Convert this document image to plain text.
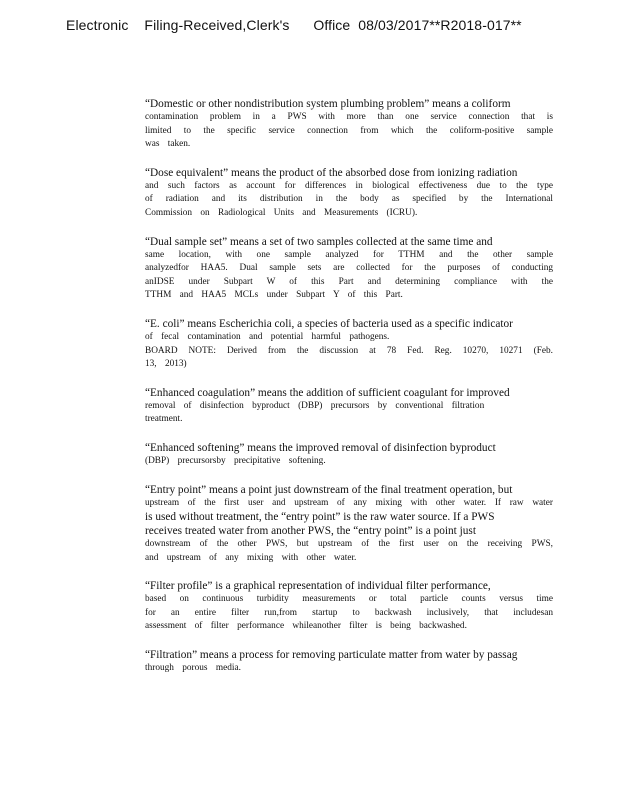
Electronic    Filing-Received,Clerk's      Office  08/03/2017**R2018-017**
“Domestic or other nondistribution system plumbing problem” means a coliform
contamination problem in a PWS with more than one service connection that is
limited to the specific service connection from which the coliform-positive sample
was taken.
“Dose equivalent” means the product of the absorbed dose from ionizing radiation
and such factors as account for differences in biological effectiveness due to the type
of radiation and its distribution in the body as specified by the International
Commission on Radiological Units and Measurements (ICRU).
“Dual sample set” means a set of two samples collected at the same time and
same location, with one sample analyzed for TTHM and the other sample
analyzedfor HAA5. Dual sample sets are collected for the purposes of conducting
anIDSE under Subpart W of this Part and determining compliance with the
TTHM and HAA5 MCLs under Subpart Y of this Part.
“E. coli” means Escherichia coli, a species of bacteria used as a specific indicator
of fecal contamination and potential harmful pathogens.
BOARD NOTE: Derived from the discussion at 78 Fed. Reg. 10270, 10271 (Feb.
13, 2013)
“Enhanced coagulation” means the addition of sufficient coagulant for improved
removal of disinfection byproduct (DBP) precursors by conventional filtration
treatment.
“Enhanced softening” means the improved removal of disinfection byproduct
(DBP) precursorsby precipitative softening.
“Entry point” means a point just downstream of the final treatment operation, but
upstream of the first user and upstream of any mixing with other water. If raw water
is used without treatment, the “entry point” is the raw water source. If a PWS
receives treated water from another PWS, the “entry point” is a point just
downstream of the other PWS, but upstream of the first user on the receiving PWS,
and upstream of any mixing with other water.
“Filter profile” is a graphical representation of individual filter performance,
based on continuous turbidity measurements or total particle counts versus time
for an entire filter run,from startup to backwash inclusively, that includesan
assessment of filter performance whileanother filter is being backwashed.
“Filtration” means a process for removing particulate matter from water by passag
through porous media.
